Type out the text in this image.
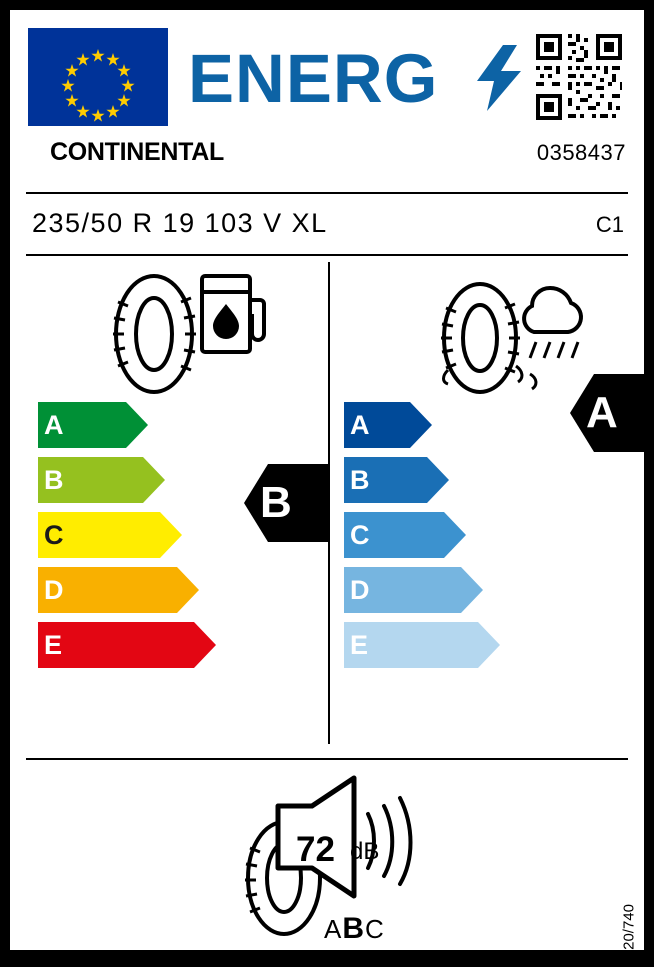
ENERG
CONTINENTAL	0358437
235/50 R 19 103 V XL	C1
A
B
C
D
E
B
A
B
C
D
E
A
72 dB
ABC	2020/740
